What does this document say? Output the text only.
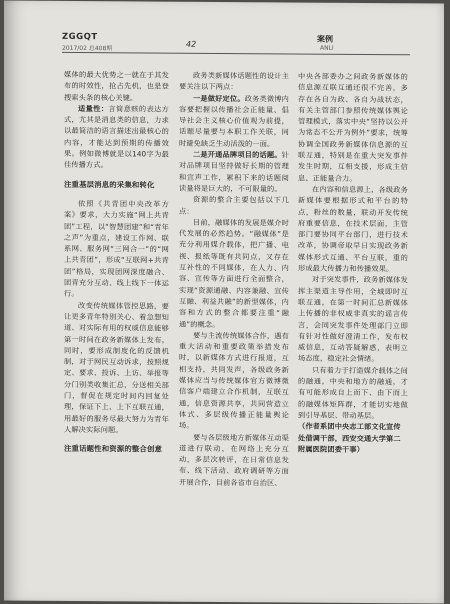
ZGGQT
2017/02 总408期	42
案例
ANLI

媒体的最大优势之一就在于其发布的时效性，抢占先机，也是登搜索头条的核心关键。

适量性：言简意赅的表达方式，尤其是消息类的信息，力求以最简洁的语言描述出最核心的内容，才能达到预期的传播效果。例如微博就是以140字为最佳传播方式。

注重基层消息的采集和转化

依照《共青团中央改革方案》要求，大力实施“网上共青团”工程，以“智慧团建”和“青年之声”为重点，建设工作网、联系网、服务网“三网合一”的“网上共青团”，形成“互联网+共青团”格局，实现团网深度融合、团青充分互动、线上线下一体运行。

改变传统媒体管控思路，要让更多青年特别关心、着急想知道、对实际有用的权威信息能够第一时间在政务新媒体上发布。同时，要形成制度化的反馈机制，对于网民互动诉求，按照规定、要求、投诉、上访、举报等分门别类收集汇总，分送相关部门，督促在规定时间内回复处理，保证下上、上下互联互通，用最好的服务尽最大努力为青年人解决实际问题。

注重话题性和资源的整合创意

政务类新媒体话题性的设计主要关注以下两点：

一是做好定位。政务类微博内容要把握以传播社会正能量、倡导社会主义核心价值观为前提，话题尽量要与本职工作关联，同时避免缺乏生动活泼的一面。

二是开通品牌项目的话题。针对品牌项目坚持做好长期的管理和宣声工作，累积下来的话题阅读量将是巨大的，不可限量的。

资源的整合主要包括以下几点：

目前，融媒体的发展是媒介时代发展的必然趋势。“融媒体”是充分利用媒介载体，把广播、电视、报纸等既有共同点，又存在互补性的不同媒体，在人力、内容、宣传等方面进行全面整合，实现“资源通融、内容兼融、宣传互融、利益共融”的新型媒体，内容和方式的整合都要注重“融通”的概念。

要与主流传统媒体合作，遇有重大活动和重要政策举措发布时，以新媒体方式进行报道，互相支持，共同发声，各级政务新媒体应当与传统媒体官方微博微信客户端建立合作机制，互联互通，信息资源共享，共同营造立体式、多层级传播正能量舆论场。

要与各层级地方新媒体互动渠道进行联动，在网络上充分互动，多层次转评，在日常信息发布、线下活动、政府调研等方面开展合作，目前各省市自治区、

中央各部委办之间政务新媒体的信息源互联互通还很不完善，多存在各自为政、各自为战状态，有关主管部门参照传统媒体舆论管理模式，落实中央“坚持以公开为常态不公开为例外”要求，统筹协调全国政务新媒体信息源的互联互通，特别是在重大突发事件发生时期，互相支援，形成主信息、正能量合力。

在内容和信息源上，各级政务新媒体要根据形式和平台的特点，粉丝的数量，联动开发传统府重要信息，在技术层面，主管部门要协同平台部门，进行技术改革，协调帝取早日实现政务新媒体形式互通、平台互联，重的形成最大传播力和传播效果。

对于突发事件，政务新媒体发挥主渠道主导作用，全城即时互联互通，在第一时间汇总新媒体上传播的非权威非真实的谣言传言，会同突发事件处理部门立即有针对性做好澄清工作，发布权威信息，互动答疑解惑，表明立场态度，稳定社会情绪。

只有着力于打造媒介载体之间的融通，中央和地方的融通，才有可能形成自上而下、由下而上的融媒体矩阵群，才能切实地做到引导基层、带动基层。

（作者系团中央志工部文化宣传处借调干部，西安交通大学第二附属医院团委干事）
